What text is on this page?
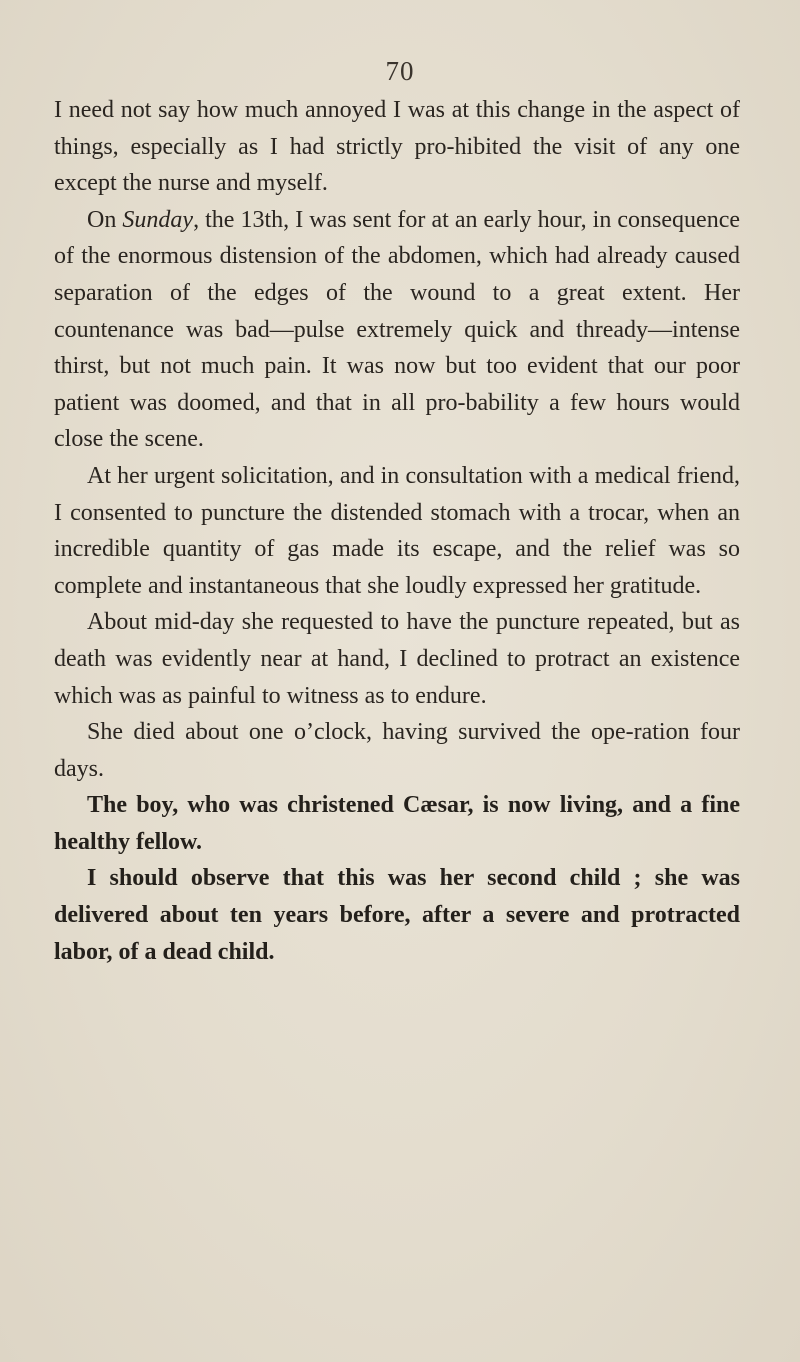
70

I need not say how much annoyed I was at this change in the aspect of things, especially as I had strictly pro-hibited the visit of any one except the nurse and myself.

On Sunday, the 13th, I was sent for at an early hour, in consequence of the enormous distension of the abdomen, which had already caused separation of the edges of the wound to a great extent. Her countenance was bad—pulse extremely quick and thready—intense thirst, but not much pain. It was now but too evident that our poor patient was doomed, and that in all pro-bability a few hours would close the scene.

At her urgent solicitation, and in consultation with a medical friend, I consented to puncture the distended stomach with a trocar, when an incredible quantity of gas made its escape, and the relief was so complete and instantaneous that she loudly expressed her gratitude.

About mid-day she requested to have the puncture repeated, but as death was evidently near at hand, I declined to protract an existence which was as painful to witness as to endure.

She died about one o’clock, having survived the ope-ration four days.

The boy, who was christened Cæsar, is now living, and a fine healthy fellow.

I should observe that this was her second child ; she was delivered about ten years before, after a severe and protracted labor, of a dead child.
